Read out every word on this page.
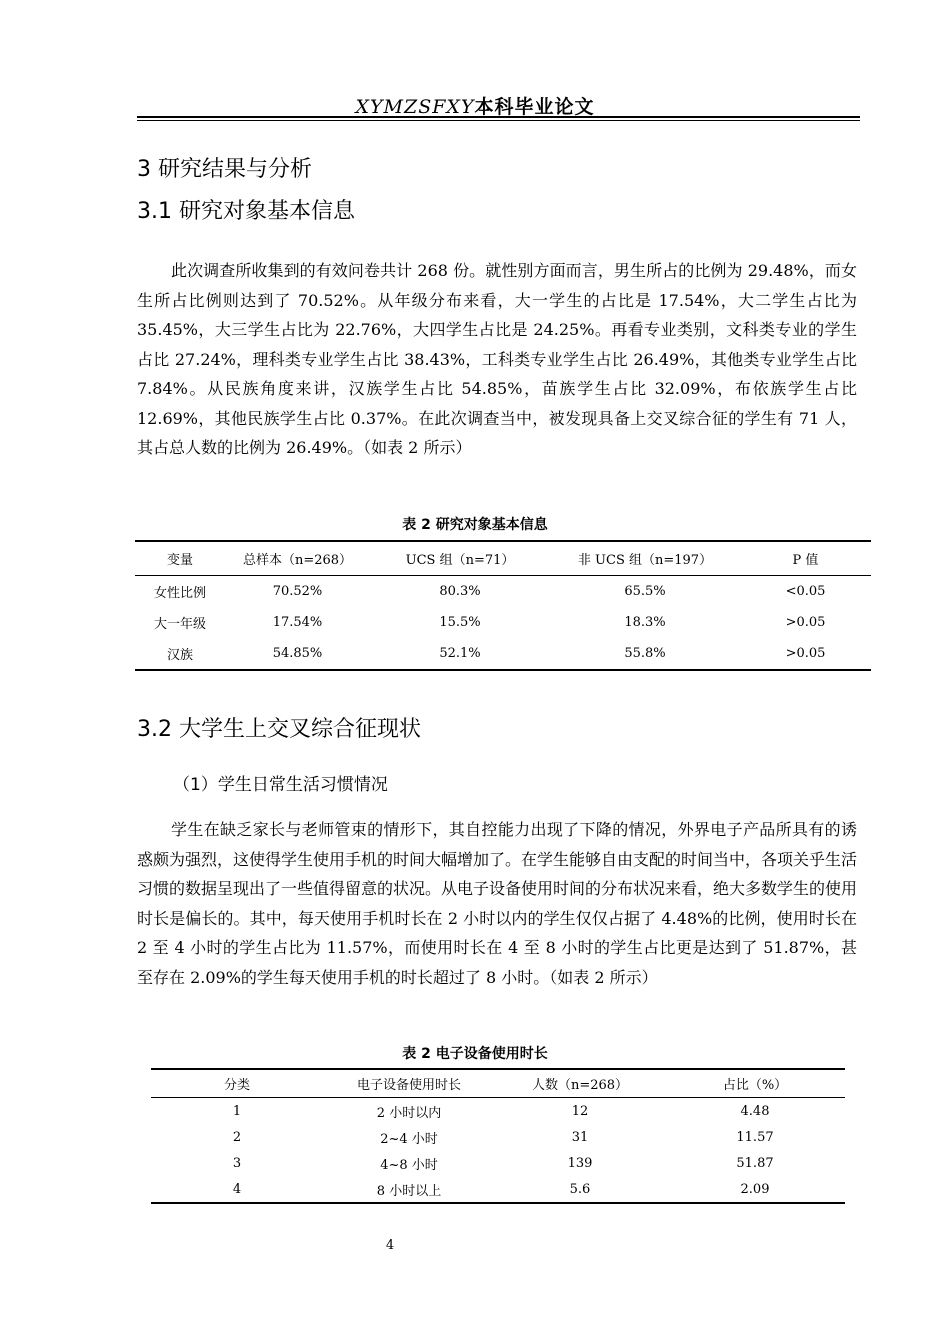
XYMZSFXY本科毕业论文
3 研究结果与分析
3.1 研究对象基本信息

此次调查所收集到的有效问卷共计 268 份。就性别方面而言，男生所占的比例为 29.48%，而女生所占比例则达到了 70.52%。从年级分布来看，大一学生的占比是 17.54%，大二学生占比为 35.45%，大三学生占比为 22.76%，大四学生占比是 24.25%。再看专业类别，文科类专业的学生占比 27.24%，理科类专业学生占比 38.43%，工科类专业学生占比 26.49%，其他类专业学生占比 7.84%。从民族角度来讲，汉族学生占比 54.85%，苗族学生占比 32.09%，布依族学生占比 12.69%，其他民族学生占比 0.37%。在此次调查当中，被发现具备上交叉综合征的学生有 71 人，其占总人数的比例为 26.49%。（如表 2 所示）

表 2 研究对象基本信息
变量	总样本（n=268）	UCS 组（n=71）	非 UCS 组（n=197）	P 值
女性比例	70.52%	80.3%	65.5%	<0.05
大一年级	17.54%	15.5%	18.3%	>0.05
汉族	54.85%	52.1%	55.8%	>0.05
3.2 大学生上交叉综合征现状
（1）学生日常生活习惯情况

学生在缺乏家长与老师管束的情形下，其自控能力出现了下降的情况，外界电子产品所具有的诱惑颇为强烈，这使得学生使用手机的时间大幅增加了。在学生能够自由支配的时间当中，各项关乎生活习惯的数据呈现出了一些值得留意的状况。从电子设备使用时间的分布状况来看，绝大多数学生的使用时长是偏长的。其中，每天使用手机时长在 2 小时以内的学生仅仅占据了 4.48%的比例，使用时长在 2 至 4 小时的学生占比为 11.57%，而使用时长在 4 至 8 小时的学生占比更是达到了 51.87%，甚至存在 2.09%的学生每天使用手机的时长超过了 8 小时。（如表 2 所示）

表 2 电子设备使用时长
分类	电子设备使用时长	人数（n=268）	占比（%）
1	2 小时以内	12	4.48
2	2~4 小时	31	11.57
3	4~8 小时	139	51.87
4	8 小时以上	5.6	2.09
4
